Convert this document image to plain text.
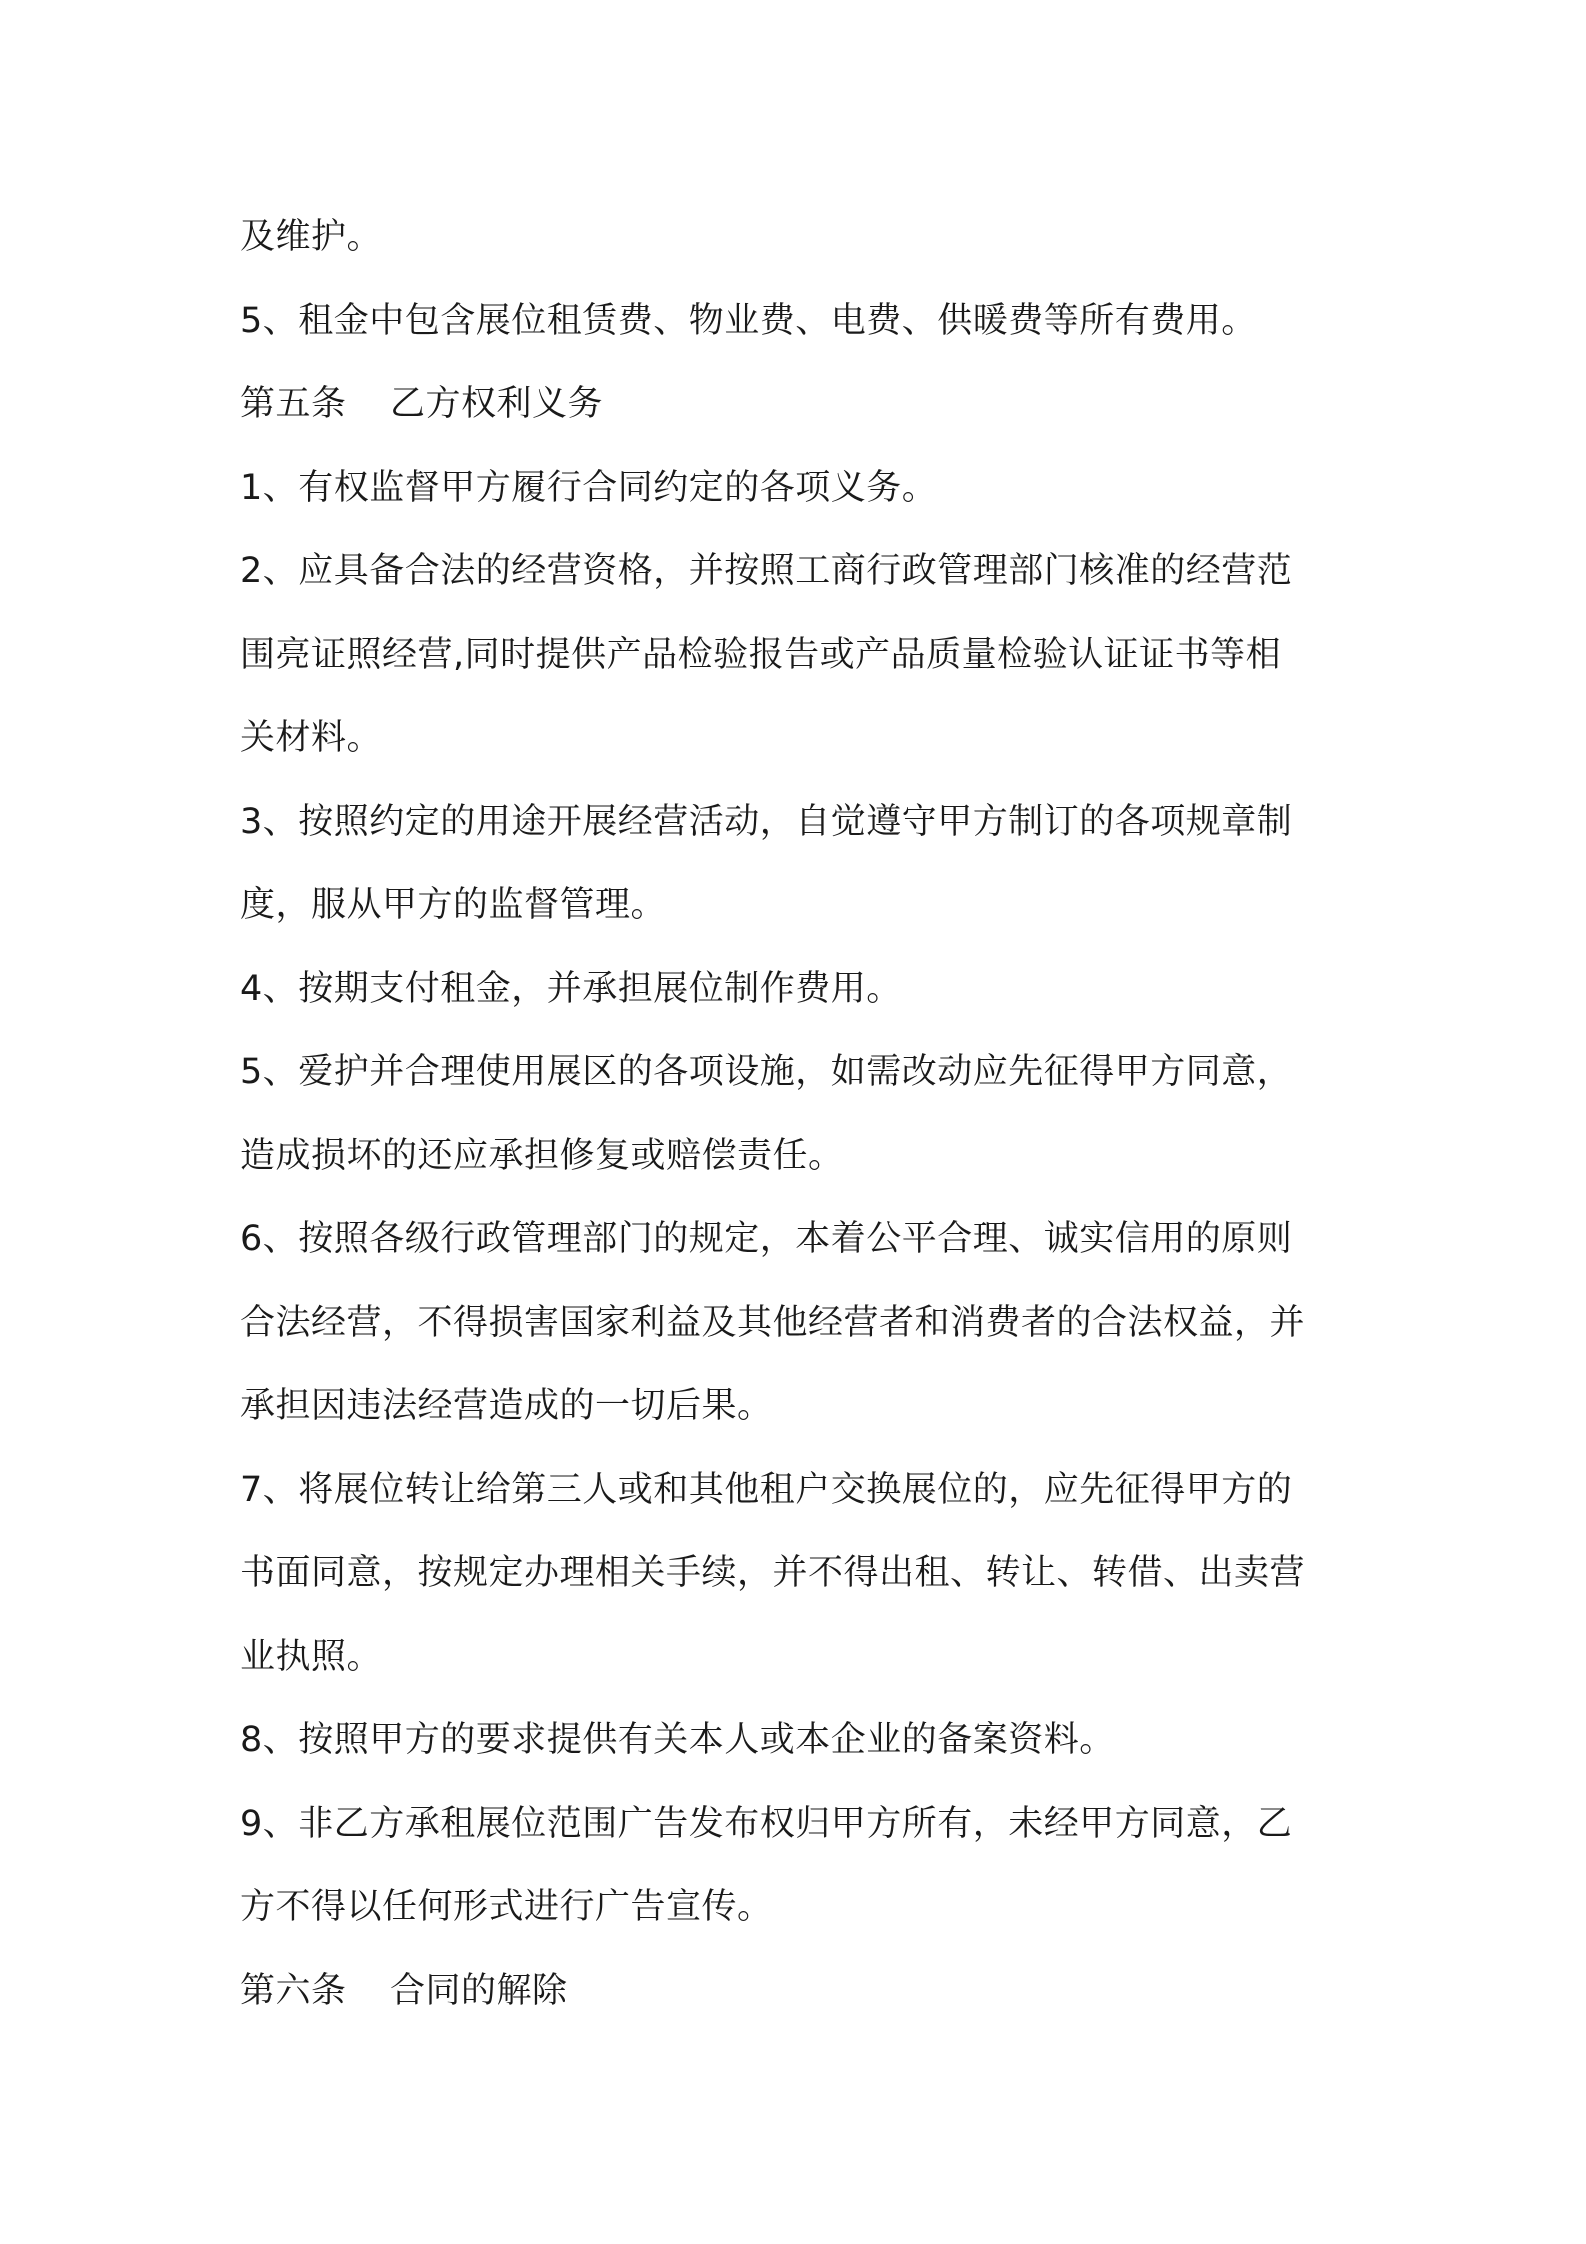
及维护。
5、租金中包含展位租赁费、物业费、电费、供暖费等所有费用。
第五条 乙方权利义务
1、有权监督甲方履行合同约定的各项义务。
2、应具备合法的经营资格，并按照工商行政管理部门核准的经营范
围亮证照经营,同时提供产品检验报告或产品质量检验认证证书等相
关材料。
3、按照约定的用途开展经营活动，自觉遵守甲方制订的各项规章制
度，服从甲方的监督管理。
4、按期支付租金，并承担展位制作费用。
5、爱护并合理使用展区的各项设施，如需改动应先征得甲方同意，
造成损坏的还应承担修复或赔偿责任。
6、按照各级行政管理部门的规定，本着公平合理、诚实信用的原则
合法经营，不得损害国家利益及其他经营者和消费者的合法权益，并
承担因违法经营造成的一切后果。
7、将展位转让给第三人或和其他租户交换展位的，应先征得甲方的
书面同意，按规定办理相关手续，并不得出租、转让、转借、出卖营
业执照。
8、按照甲方的要求提供有关本人或本企业的备案资料。
9、非乙方承租展位范围广告发布权归甲方所有，未经甲方同意，乙
方不得以任何形式进行广告宣传。
第六条 合同的解除
